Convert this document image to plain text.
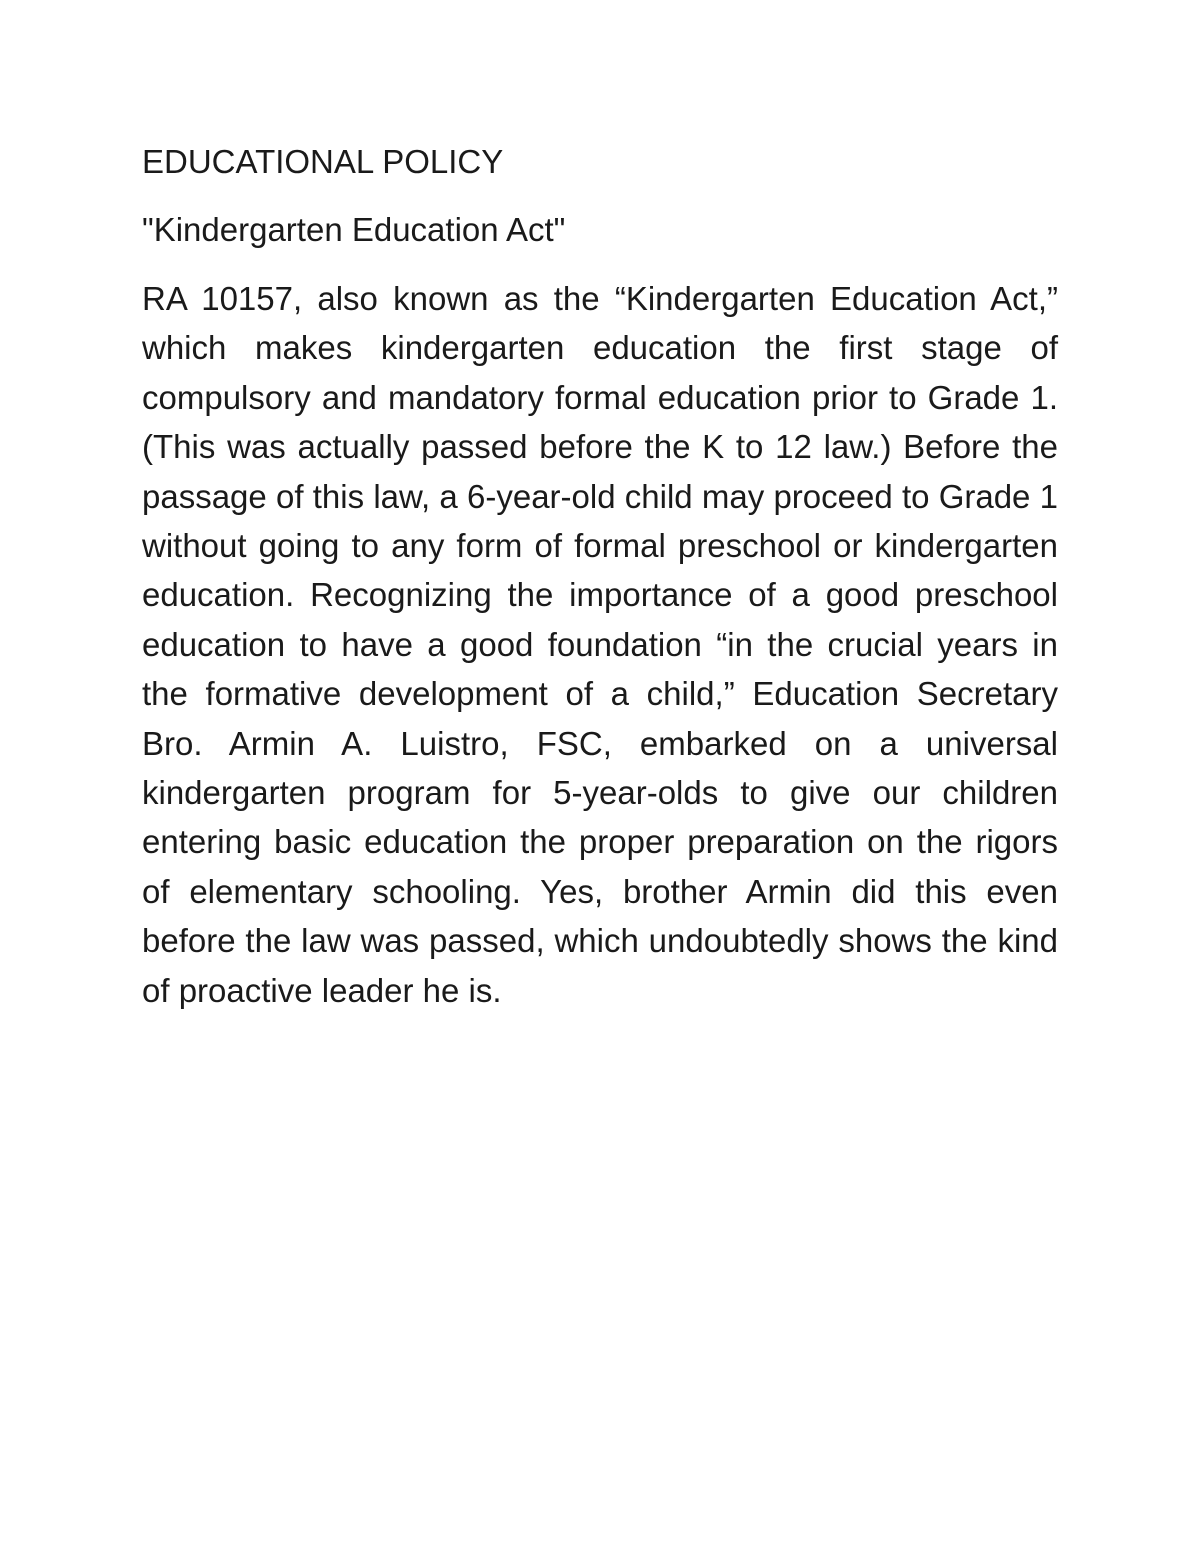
EDUCATIONAL POLICY
"Kindergarten Education Act"

RA 10157, also known as the “Kindergarten Education Act,” which makes kindergarten education the first stage of compulsory and mandatory formal education prior to Grade 1. (This was actually passed before the K to 12 law.) Before the passage of this law, a 6-year-old child may proceed to Grade 1 without going to any form of formal preschool or kindergarten education. Recognizing the importance of a good preschool education to have a good foundation “in the crucial years in the formative development of a child,” Education Secretary Bro. Armin A. Luistro, FSC, embarked on a universal kindergarten program for 5-year-olds to give our children entering basic education the proper preparation on the rigors of elementary schooling. Yes, brother Armin did this even before the law was passed, which undoubtedly shows the kind of proactive leader he is.
